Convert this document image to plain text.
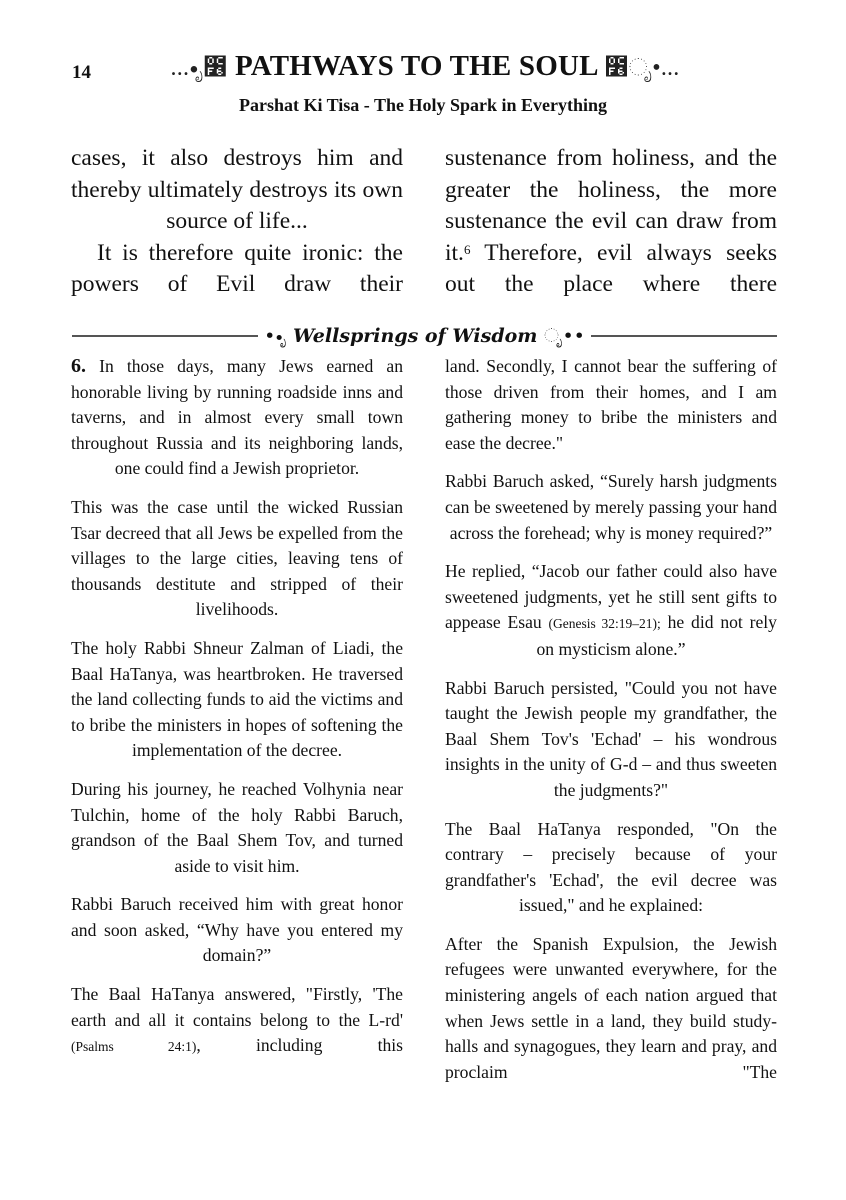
14	...•ೃ೶ PATHWAYS TO THE SOUL ೶ೃ•...
Parshat Ki Tisa - The Holy Spark in Everything

cases, it also destroys him and thereby ultimately destroys its own source of life...

It is therefore quite ironic: the powers of Evil draw their

sustenance from holiness, and the greater the holiness, the more sustenance the evil can draw from it.$^6$ Therefore, evil always seeks out the place where there

••ೃ Wellsprings of Wisdom ೃ••

6. In those days, many Jews earned an honorable living by running roadside inns and taverns, and in almost every small town throughout Russia and its neighboring lands, one could find a Jewish proprietor.

This was the case until the wicked Russian Tsar decreed that all Jews be expelled from the villages to the large cities, leaving tens of thousands destitute and stripped of their livelihoods.

The holy Rabbi Shneur Zalman of Liadi, the Baal HaTanya, was heartbroken. He traversed the land collecting funds to aid the victims and to bribe the ministers in hopes of softening the implementation of the decree.

During his journey, he reached Volhynia near Tulchin, home of the holy Rabbi Baruch, grandson of the Baal Shem Tov, and turned aside to visit him.

Rabbi Baruch received him with great honor and soon asked, “Why have you entered my domain?”

The Baal HaTanya answered, "Firstly, 'The earth and all it contains belong to the L-rd' (Psalms 24:1), including this

land. Secondly, I cannot bear the suffering of those driven from their homes, and I am gathering money to bribe the ministers and ease the decree."

Rabbi Baruch asked, “Surely harsh judgments can be sweetened by merely passing your hand across the forehead; why is money required?”

He replied, “Jacob our father could also have sweetened judgments, yet he still sent gifts to appease Esau (Genesis 32:19–21); he did not rely on mysticism alone.”

Rabbi Baruch persisted, "Could you not have taught the Jewish people my grandfather, the Baal Shem Tov's 'Echad' – his wondrous insights in the unity of G-d – and thus sweeten the judgments?"

The Baal HaTanya responded, "On the contrary – precisely because of your grandfather's 'Echad', the evil decree was issued," and he explained:

After the Spanish Expulsion, the Jewish refugees were unwanted everywhere, for the ministering angels of each nation argued that when Jews settle in a land, they build study-halls and synagogues, they learn and pray, and proclaim "The
